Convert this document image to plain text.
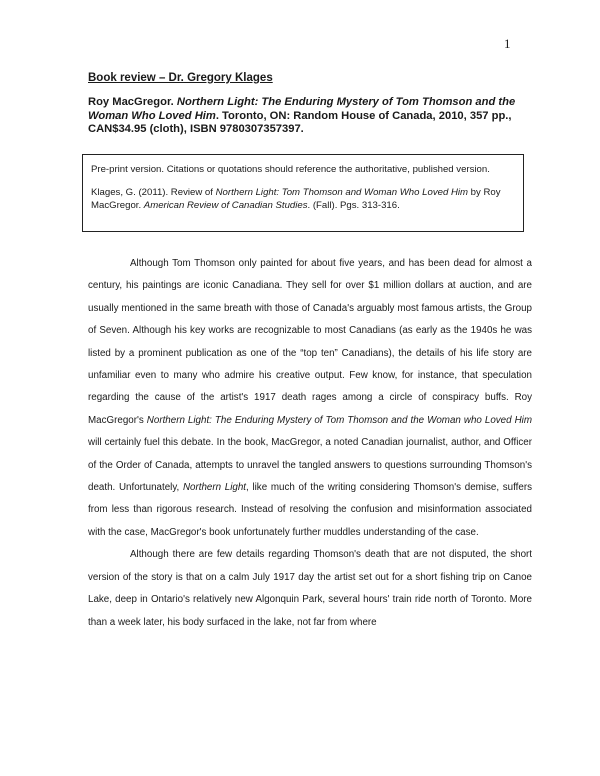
1
Book review – Dr. Gregory Klages
Roy MacGregor. Northern Light: The Enduring Mystery of Tom Thomson and the Woman Who Loved Him. Toronto, ON: Random House of Canada, 2010, 357 pp., CAN$34.95 (cloth), ISBN 9780307357397.

Pre-print version. Citations or quotations should reference the authoritative, published version.

Klages, G. (2011). Review of Northern Light: Tom Thomson and Woman Who Loved Him by Roy MacGregor. American Review of Canadian Studies. (Fall). Pgs. 313-316.

Although Tom Thomson only painted for about five years, and has been dead for almost a century, his paintings are iconic Canadiana. They sell for over $1 million dollars at auction, and are usually mentioned in the same breath with those of Canada's arguably most famous artists, the Group of Seven. Although his key works are recognizable to most Canadians (as early as the 1940s he was listed by a prominent publication as one of the “top ten” Canadians), the details of his life story are unfamiliar even to many who admire his creative output. Few know, for instance, that speculation regarding the cause of the artist's 1917 death rages among a circle of conspiracy buffs. Roy MacGregor's Northern Light: The Enduring Mystery of Tom Thomson and the Woman who Loved Him will certainly fuel this debate. In the book, MacGregor, a noted Canadian journalist, author, and Officer of the Order of Canada, attempts to unravel the tangled answers to questions surrounding Thomson's death. Unfortunately, Northern Light, like much of the writing considering Thomson's demise, suffers from less than rigorous research. Instead of resolving the confusion and misinformation associated with the case, MacGregor's book unfortunately further muddles understanding of the case.

Although there are few details regarding Thomson's death that are not disputed, the short version of the story is that on a calm July 1917 day the artist set out for a short fishing trip on Canoe Lake, deep in Ontario's relatively new Algonquin Park, several hours' train ride north of Toronto. More than a week later, his body surfaced in the lake, not far from where
